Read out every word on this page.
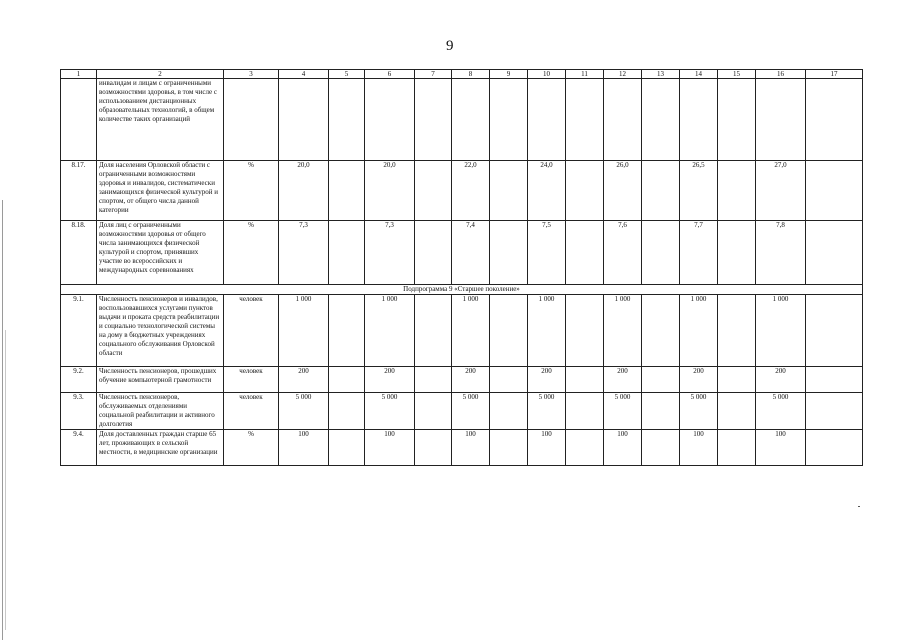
9
1	2	3	4	5	6	7	8	9	10	11	12	13	14	15	16	17
	инвалидам и лицам с ограниченными возможностями здоровья, в том числе с использованием дистанционных образовательных технологий, в общем количестве таких организаций															
8.17.	Доля населения Орловской области с ограниченными возможностями здоровья и инвалидов, систематически занимающихся физической культурой и спортом, от общего числа данной категории	%	20,0		20,0		22,0		24,0		26,0		26,5		27,0	
8.18.	Доля лиц с ограниченными возможностями здоровья от общего числа занимающихся физической культурой и спортом, принявших участие во всероссийских и международных соревнованиях	%	7,3		7,3		7,4		7,5		7,6		7,7		7,8	
Подпрограмма 9 «Старшее поколение»																
9.1.	Численность пенсионеров и инвалидов, воспользовавшихся услугами пунктов выдачи и проката средств реабилитации и социально технологической системы на дому в бюджетных учреждениях социального обслуживания Орловской области	человек	1 000		1 000		1 000		1 000		1 000		1 000		1 000	
9.2.	Численность пенсионеров, прошедших обучение компьютерной грамотности	человек	200		200		200		200		200		200		200	
9.3.	Численность пенсионеров, обслуживаемых отделениями социальной реабилитации и активного долголетия	человек	5 000		5 000		5 000		5 000		5 000		5 000		5 000	
9.4.	Доля доставленных граждан старше 65 лет, проживающих в сельской местности, в медицинские организации	%	100		100		100		100		100		100		100	
